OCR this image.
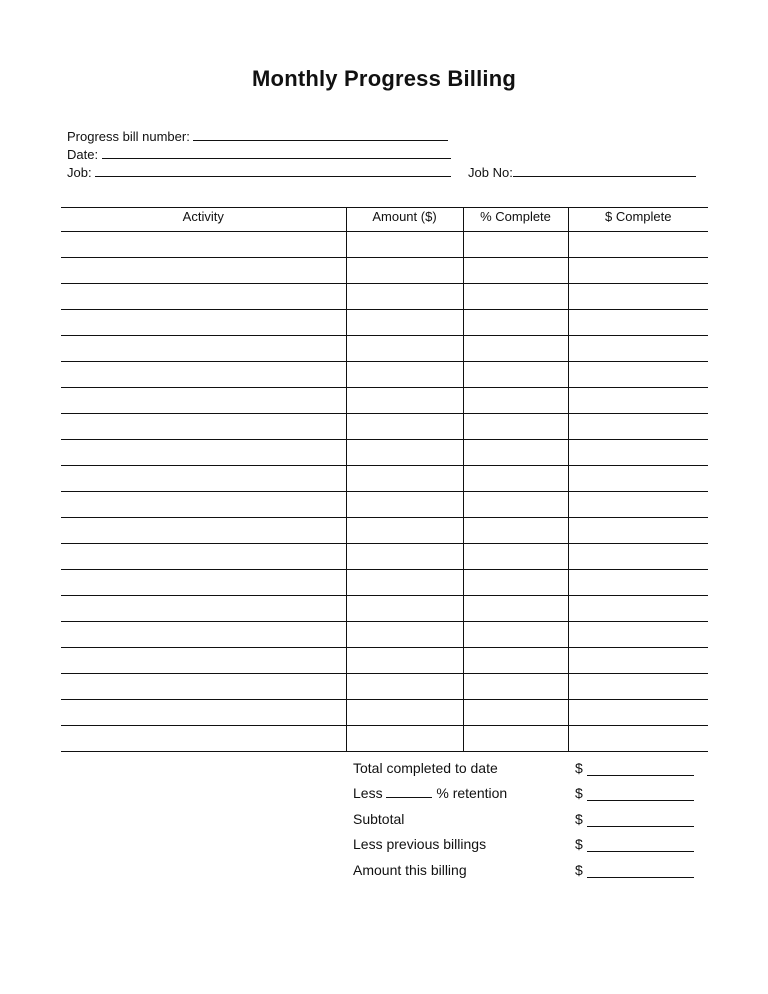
Monthly Progress Billing
Progress bill number:
Date:
Job:	Job No:
Activity	Amount ($)	% Complete	$ Complete

Total completed to date	$
Less	% retention	$
Subtotal	$
Less previous billings	$
Amount this billing	$
